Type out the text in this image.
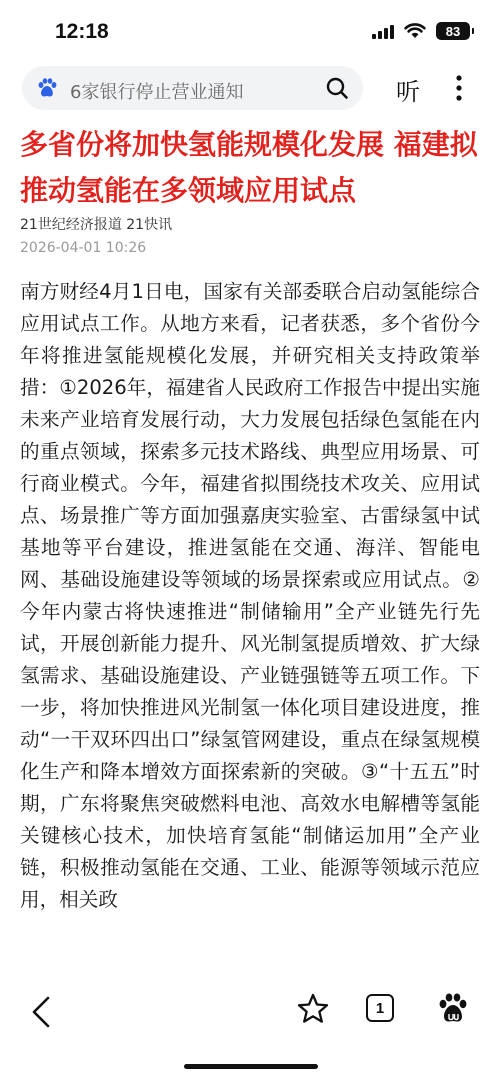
12:18	83
6家银行停止营业通知	听
多省份将加快氢能规模化发展 福建拟推动氢能在多领域应用试点
21世纪经济报道 21快讯
2026-04-01 10:26
南方财经4月1日电，国家有关部委联合启动氢能综合应用试点工作。从地方来看，记者获悉，多个省份今年将推进氢能规模化发展，并研究相关支持政策举措：①2026年，福建省人民政府工作报告中提出实施未来产业培育发展行动，大力发展包括绿色氢能在内的重点领域，探索多元技术路线、典型应用场景、可行商业模式。今年，福建省拟围绕技术攻关、应用试点、场景推广等方面加强嘉庚实验室、古雷绿氢中试基地等平台建设，推进氢能在交通、海洋、智能电网、基础设施建设等领域的场景探索或应用试点。②今年内蒙古将快速推进“制储输用”全产业链先行先试，开展创新能力提升、风光制氢提质增效、扩大绿氢需求、基础设施建设、产业链强链等五项工作。下一步，将加快推进风光制氢一体化项目建设进度，推动“一干双环四出口”绿氢管网建设，重点在绿氢规模化生产和降本增效方面探索新的突破。③“十五五”时期，广东将聚焦突破燃料电池、高效水电解槽等氢能关键核心技术，加快培育氢能“制储运加用”全产业链，积极推动氢能在交通、工业、能源等领域示范应用，相关政
1
